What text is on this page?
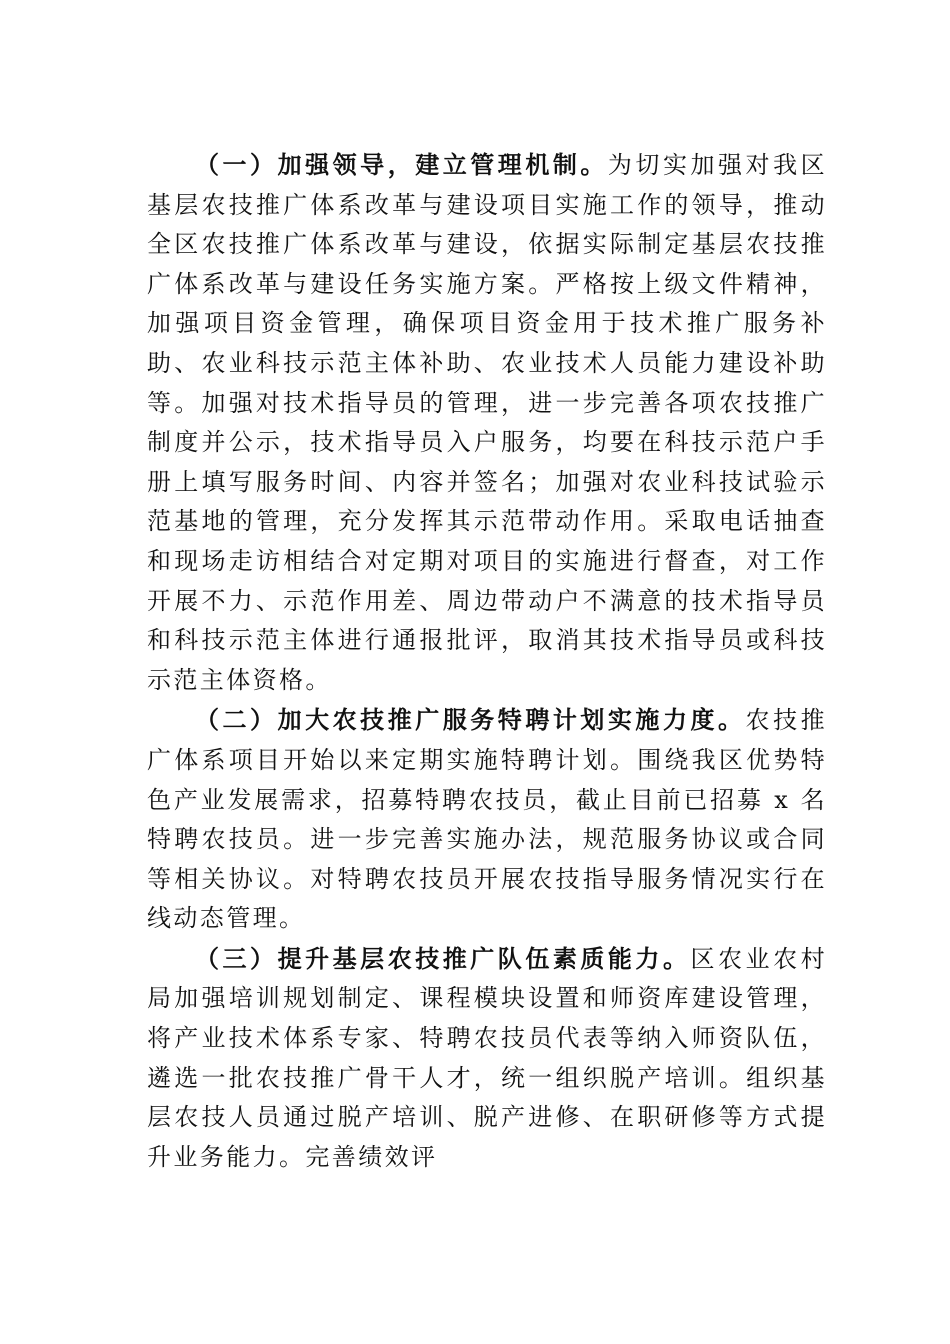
（一）加强领导，建立管理机制。为切实加强对我区基层农技推广体系改革与建设项目实施工作的领导，推动全区农技推广体系改革与建设，依据实际制定基层农技推广体系改革与建设任务实施方案。严格按上级文件精神，加强项目资金管理，确保项目资金用于技术推广服务补助、农业科技示范主体补助、农业技术人员能力建设补助等。加强对技术指导员的管理，进一步完善各项农技推广制度并公示，技术指导员入户服务，均要在科技示范户手册上填写服务时间、内容并签名；加强对农业科技试验示范基地的管理，充分发挥其示范带动作用。采取电话抽查和现场走访相结合对定期对项目的实施进行督查，对工作开展不力、示范作用差、周边带动户不满意的技术指导员和科技示范主体进行通报批评，取消其技术指导员或科技示范主体资格。

（二）加大农技推广服务特聘计划实施力度。农技推广体系项目开始以来定期实施特聘计划。围绕我区优势特色产业发展需求，招募特聘农技员，截止目前已招募 x 名特聘农技员。进一步完善实施办法，规范服务协议或合同等相关协议。对特聘农技员开展农技指导服务情况实行在线动态管理。

（三）提升基层农技推广队伍素质能力。区农业农村局加强培训规划制定、课程模块设置和师资库建设管理，将产业技术体系专家、特聘农技员代表等纳入师资队伍，遴选一批农技推广骨干人才，统一组织脱产培训。组织基层农技人员通过脱产培训、脱产进修、在职研修等方式提升业务能力。完善绩效评
